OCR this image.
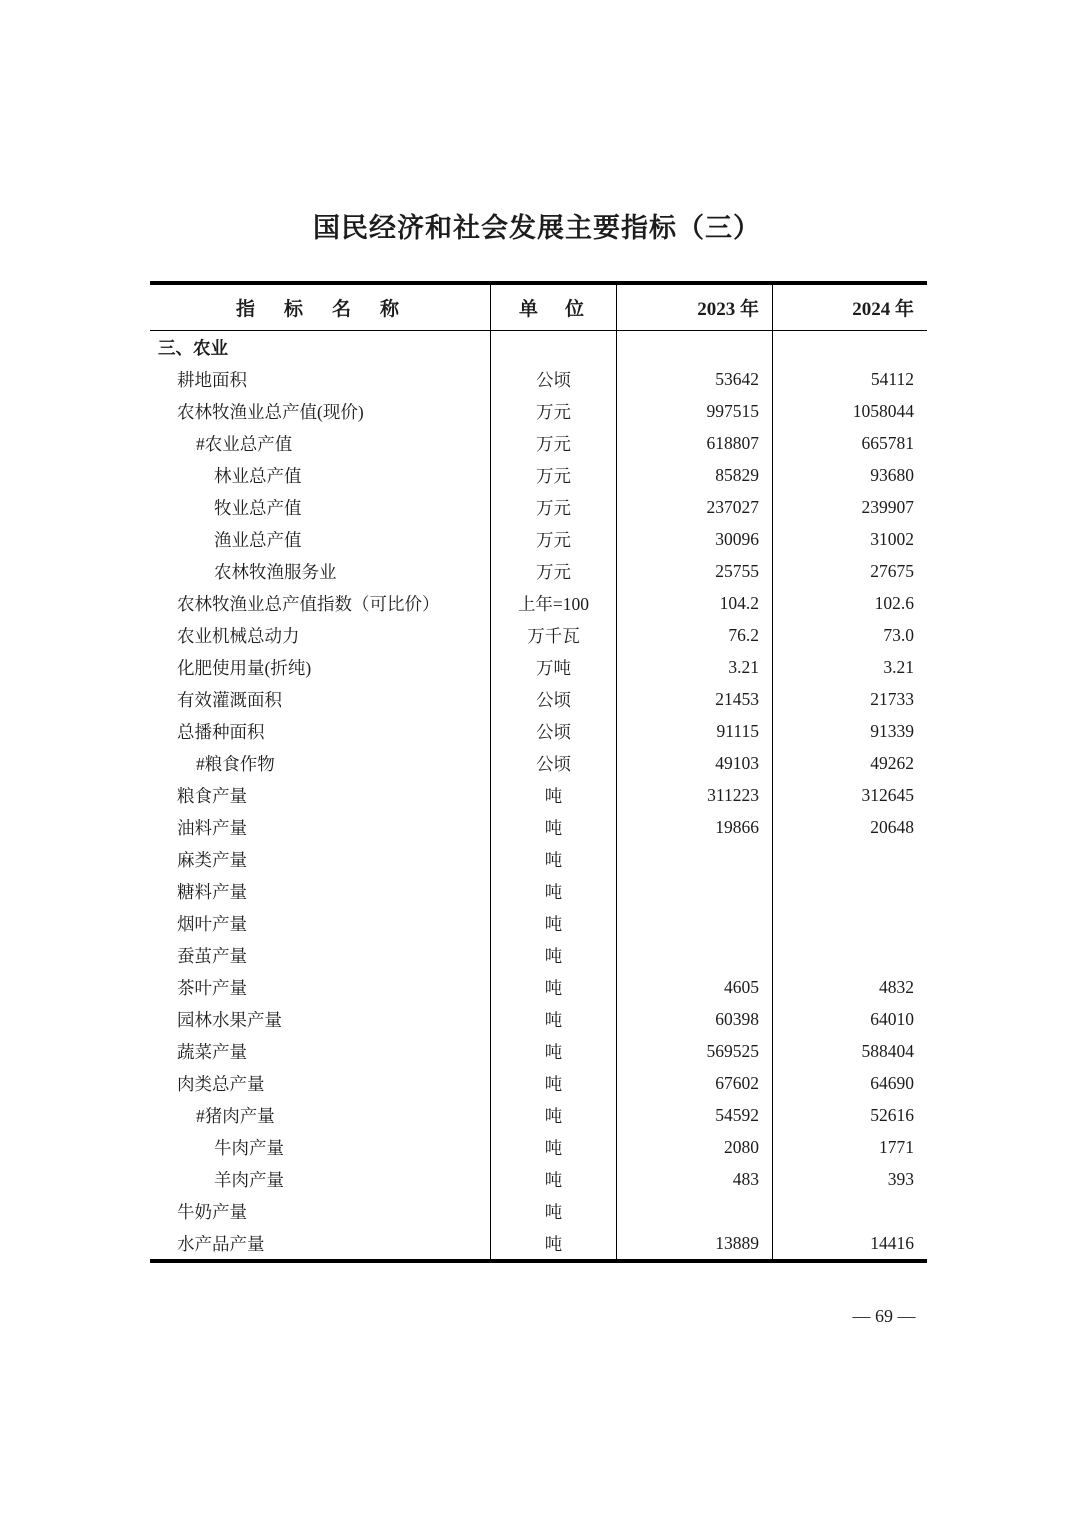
国民经济和社会发展主要指标（三）
指　标　名　称	单　位	2023 年	2024 年
三、农业
耕地面积	公顷	53642	54112
农林牧渔业总产值(现价)	万元	997515	1058044
#农业总产值	万元	618807	665781
林业总产值	万元	85829	93680
牧业总产值	万元	237027	239907
渔业总产值	万元	30096	31002
农林牧渔服务业	万元	25755	27675
农林牧渔业总产值指数（可比价）	上年=100	104.2	102.6
农业机械总动力	万千瓦	76.2	73.0
化肥使用量(折纯)	万吨	3.21	3.21
有效灌溉面积	公顷	21453	21733
总播种面积	公顷	91115	91339
#粮食作物	公顷	49103	49262
粮食产量	吨	311223	312645
油料产量	吨	19866	20648
麻类产量	吨
糖料产量	吨
烟叶产量	吨
蚕茧产量	吨
茶叶产量	吨	4605	4832
园林水果产量	吨	60398	64010
蔬菜产量	吨	569525	588404
肉类总产量	吨	67602	64690
#猪肉产量	吨	54592	52616
牛肉产量	吨	2080	1771
羊肉产量	吨	483	393
牛奶产量	吨
水产品产量	吨	13889	14416
— 69 —
